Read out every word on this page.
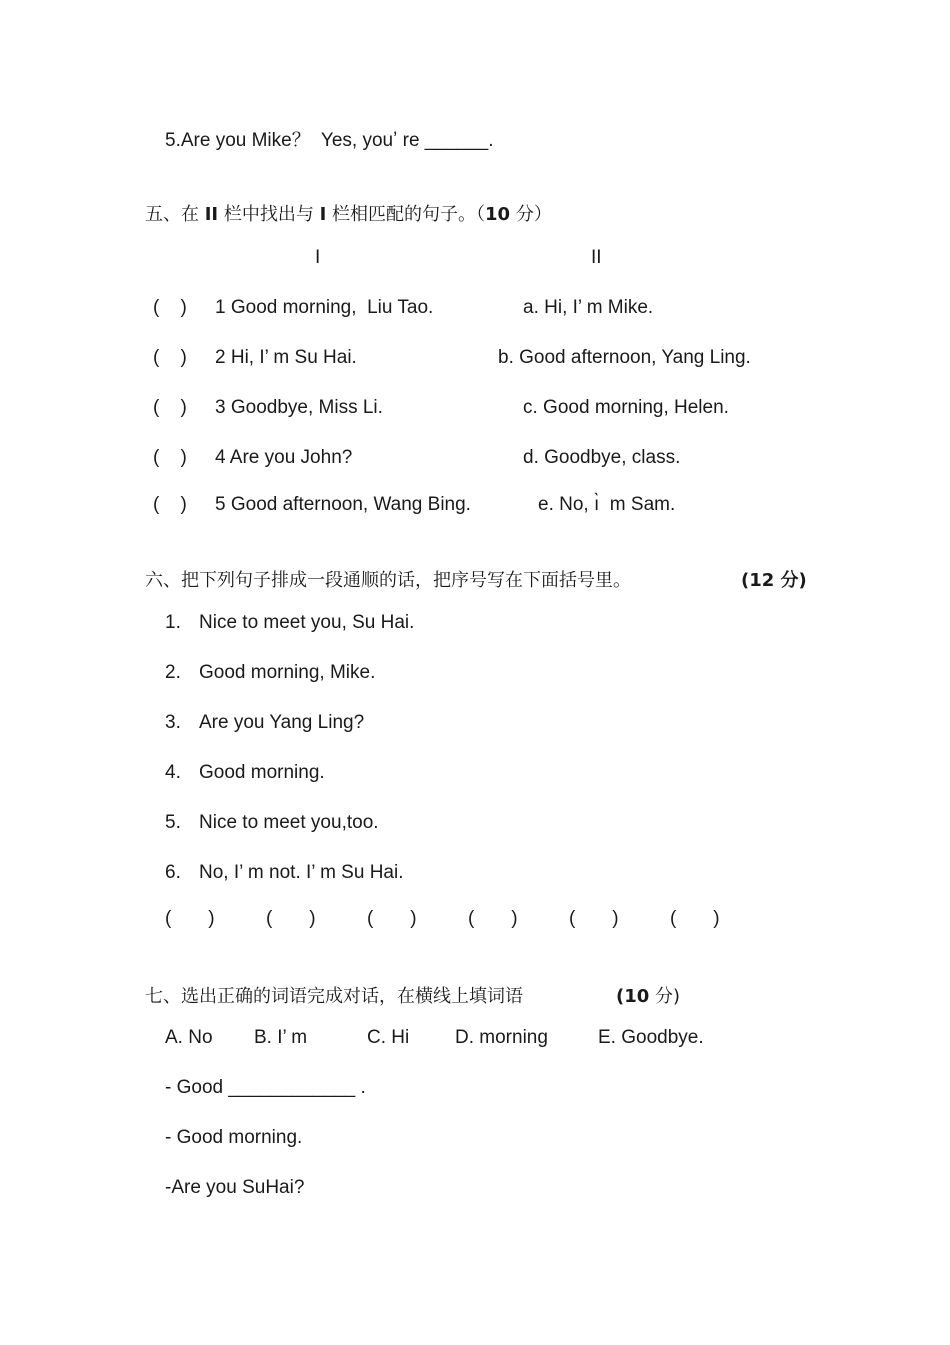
5.Are you Mike？  Yes, youʼ re ______.
五、在 II 栏中找出与 I 栏相匹配的句子。（10 分）
I	II
(    ) 1 Good morning,  Liu Tao.	a. Hi, I’ m Mike.
(    ) 2 Hi, I’ m Su Hai.	b. Good afternoon, Yang Ling.
(    ) 3 Goodbye, Miss Li.	c. Good morning, Helen.
(    ) 4 Are you John?	d. Goodbye, class.
(    ) 5 Good afternoon, Wang Bing.	e. No, ı̀  m Sam.
六、把下列句子排成一段通顺的话，把序号写在下面括号里。	(12 分)
1. Nice to meet you, Su Hai.
2. Good morning, Mike.
3. Are you Yang Ling?
4. Good morning.
5. Nice to meet you,too.
6. No, I’ m not. I’ m Su Hai.
(       )	(       )	(       )	(       )	(       )	(       )
七、选出正确的词语完成对话，在横线上填词语	(10 分)
A. No B. I’ m	C. Hi D. morning	E. Goodbye.
- Good ____________ .
- Good morning.
-Are you SuHai?
